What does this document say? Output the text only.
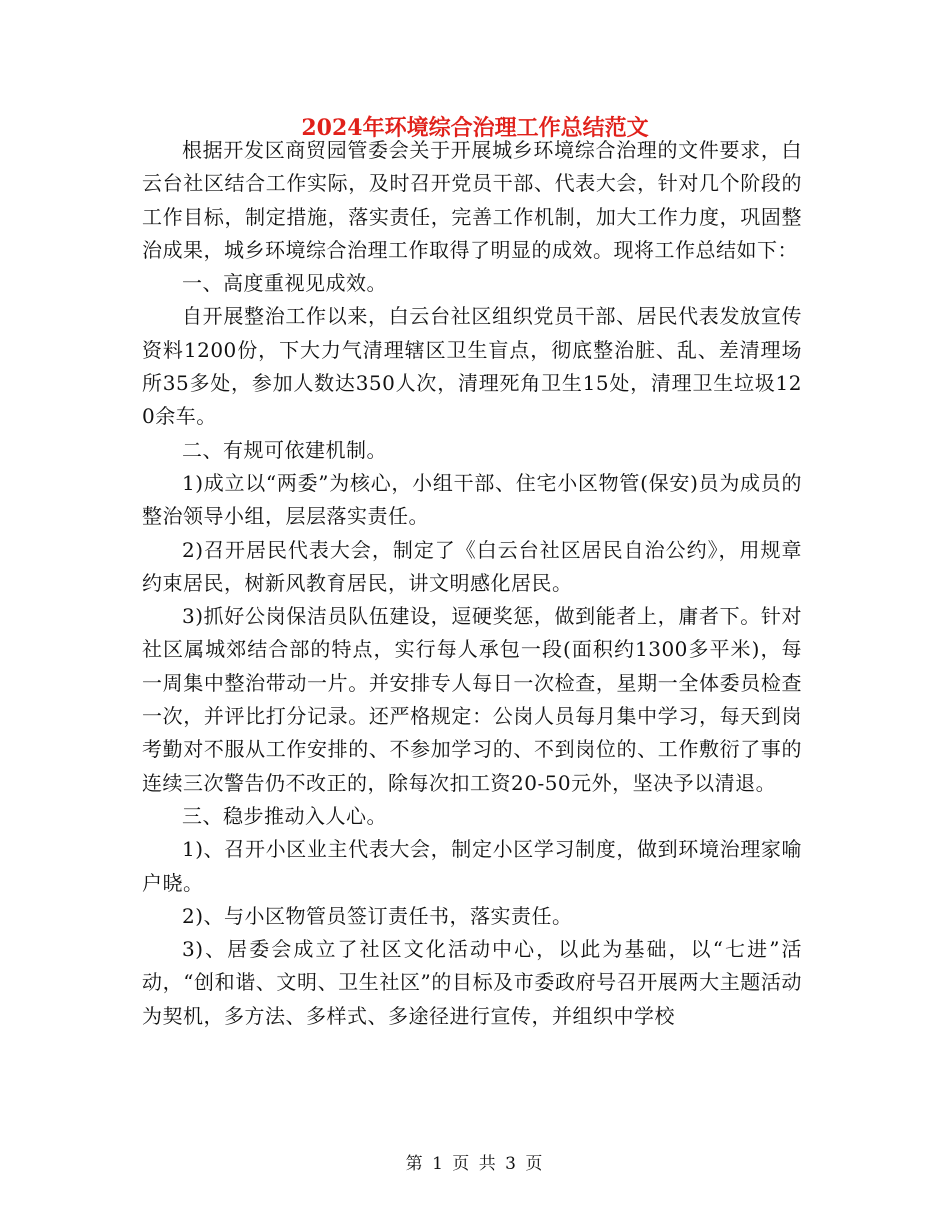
2024年环境综合治理工作总结范文

根据开发区商贸园管委会关于开展城乡环境综合治理的文件要求，白云台社区结合工作实际，及时召开党员干部、代表大会，针对几个阶段的工作目标，制定措施，落实责任，完善工作机制，加大工作力度，巩固整治成果，城乡环境综合治理工作取得了明显的成效。现将工作总结如下：

一、高度重视见成效。

自开展整治工作以来，白云台社区组织党员干部、居民代表发放宣传资料1200份，下大力气清理辖区卫生盲点，彻底整治脏、乱、差清理场所35多处，参加人数达350人次，清理死角卫生15处，清理卫生垃圾120余车。

二、有规可依建机制。

1)成立以“两委”为核心，小组干部、住宅小区物管(保安)员为成员的整治领导小组，层层落实责任。

2)召开居民代表大会，制定了《白云台社区居民自治公约》，用规章约束居民，树新风教育居民，讲文明感化居民。

3)抓好公岗保洁员队伍建设，逗硬奖惩，做到能者上，庸者下。针对社区属城郊结合部的特点，实行每人承包一段(面积约1300多平米)，每一周集中整治带动一片。并安排专人每日一次检查，星期一全体委员检查一次，并评比打分记录。还严格规定：公岗人员每月集中学习，每天到岗考勤对不服从工作安排的、不参加学习的、不到岗位的、工作敷衍了事的连续三次警告仍不改正的，除每次扣工资20-50元外，坚决予以清退。

三、稳步推动入人心。

1)、召开小区业主代表大会，制定小区学习制度，做到环境治理家喻户晓。

2)、与小区物管员签订责任书，落实责任。

3)、居委会成立了社区文化活动中心，以此为基础，以“七进”活动，“创和谐、文明、卫生社区”的目标及市委政府号召开展两大主题活动为契机，多方法、多样式、多途径进行宣传，并组织中学校

第 1 页 共 3 页
